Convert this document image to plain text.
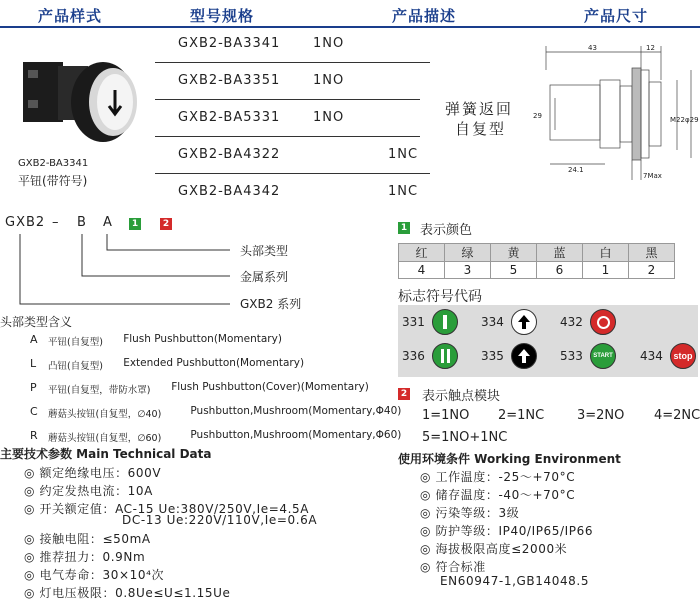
产品样式	型号规格	产品描述	产品尺寸
GXB2-BA3341
平钮(带符号)
GXB2-BA3341	1NO
GXB2-BA3351	1NO
GXB2-BA5331	1NO
GXB2-BA4322	1NC
GXB2-BA4342	1NC
弹簧返回
自复型
43	12
29	M22 φ29
24.1
7Max
GXB2 – B A	1	2
头部类型
金属系列
GXB2 系列
头部类型含义
A 平钮(自复型) Flush Pushbutton(Momentary)
L 凸钮(自复型) Extended Pushbutton(Momentary)
P 平钮(自复型，带防水罩) Flush Pushbutton(Cover)(Momentary)
C 蘑菇头按钮(自复型，∅40)	Pushbutton,Mushroom(Momentary,Φ40)
R 蘑菇头按钮(自复型，∅60)	Pushbutton,Mushroom(Momentary,Φ60)
主要技术参数 Main Technical Data
◎ 额定绝缘电压：600V
◎ 约定发热电流：10A
◎ 开关额定值：AC-15 Ue:380V/250V,Ie=4.5A
DC-13 Ue:220V/110V,Ie=0.6A
◎ 接触电阻：≤50mA
◎ 推荐扭力：0.9Nm
◎ 电气寿命：30×10⁴次
◎ 灯电压极限：0.8Ue≤U≤1.15Ue
1 表示颜色
红	绿	黄	蓝	白	黑
4	3	5	6	1	2
标志符号代码
331	334	432
336	335	533 START 434 stop
2 表示触点模块
1=1NO 2=1NC	3=2NO 4=2NC
5=1NO+1NC
使用环境条件 Working Environment
◎ 工作温度：-25～+70°C
◎ 储存温度：-40～+70°C
◎ 污染等级：3级
◎ 防护等级：IP40/IP65/IP66
◎ 海拔极限高度≤2000米
◎ 符合标准
EN60947-1,GB14048.5
